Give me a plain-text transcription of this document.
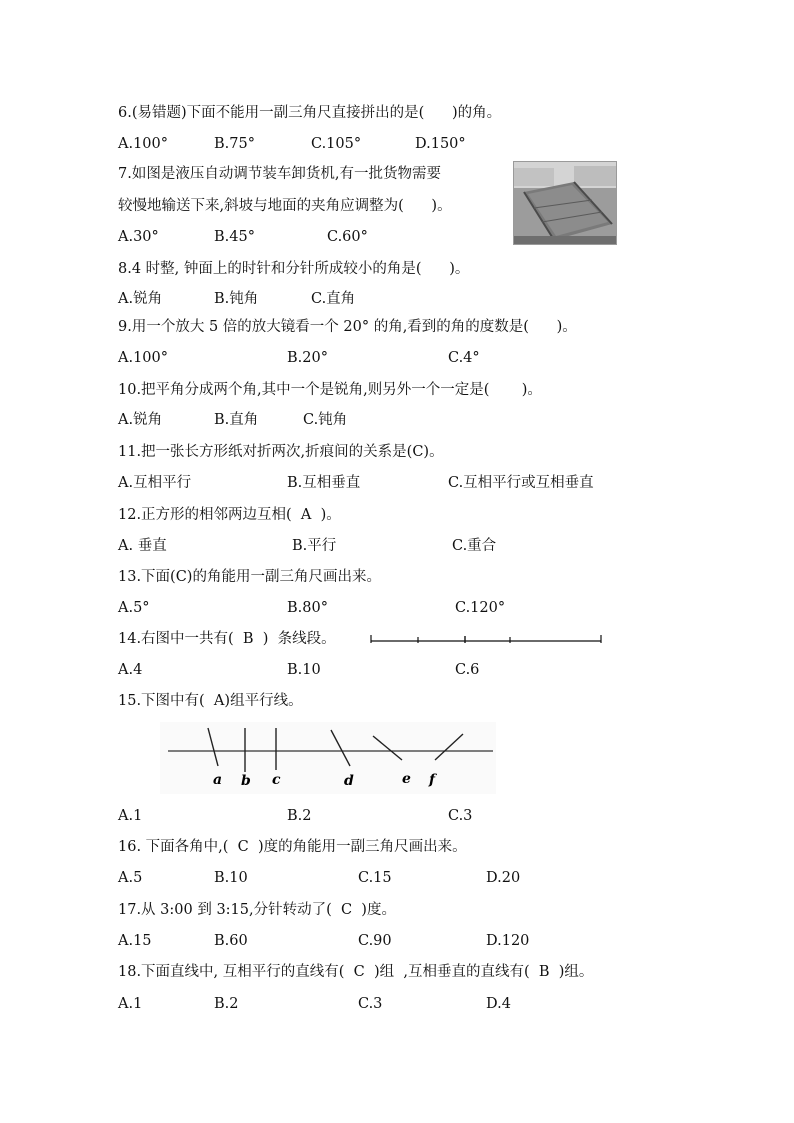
6.(易错题)下面不能用一副三角尺直接拼出的是(      )的角。
A.100°	B.75°	C.105°	D.150°
7.如图是液压自动调节装车卸货机,有一批货物需要
较慢地输送下来,斜坡与地面的夹角应调整为(      )。
A.30°	B.45°	C.60°
8.4 时整, 钟面上的时针和分针所成较小的角是(      )。
A.锐角	B.钝角	C.直角
9.用一个放大 5 倍的放大镜看一个 20° 的角,看到的角的度数是(      )。
A.100°	B.20°	C.4°
10.把平角分成两个角,其中一个是锐角,则另外一个一定是(       )。
A.锐角	B.直角	C.钝角
11.把一张长方形纸对折两次,折痕间的关系是(C)。
A.互相平行	B.互相垂直	C.互相平行或互相垂直
12.正方形的相邻两边互相(  A  )。
A. 垂直	B.平行	C.重合
13.下面(C)的角能用一副三角尺画出来。
A.5°	B.80°	C.120°
14.右图中一共有(  B  )  条线段。
A.4	B.10	C.6
15.下图中有(  A)组平行线。
a b c	d	e f
A.1	B.2	C.3
16. 下面各角中,(  C  )度的角能用一副三角尺画出来。
A.5	B.10	C.15	D.20
17.从 3:00 到 3:15,分针转动了(  C  )度。
A.15	B.60	C.90	D.120
18.下面直线中, 互相平行的直线有(  C  )组  ,互相垂直的直线有(  B  )组。
A.1	B.2	C.3	D.4
